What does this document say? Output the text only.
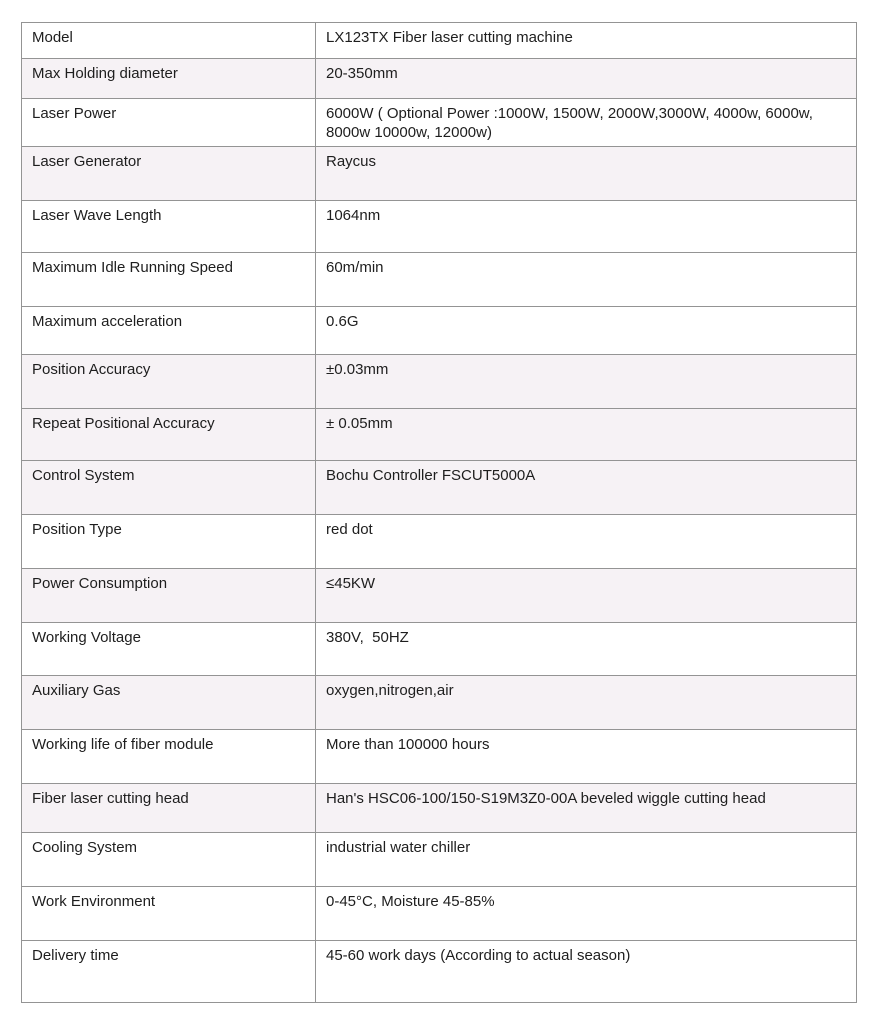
Model	LX123TX Fiber laser cutting machine
Max Holding diameter	20-350mm
Laser Power	6000W ( Optional Power :1000W, 1500W, 2000W,3000W, 4000w, 6000w, 8000w 10000w, 12000w)
Laser Generator	Raycus
Laser Wave Length	1064nm
Maximum Idle Running Speed	60m/min
Maximum acceleration	0.6G
Position Accuracy	±0.03mm
Repeat Positional Accuracy	± 0.05mm
Control System	Bochu Controller FSCUT5000A
Position Type	red dot
Power Consumption	≤45KW
Working Voltage	380V,  50HZ
Auxiliary Gas	oxygen,nitrogen,air
Working life of fiber module	More than 100000 hours
Fiber laser cutting head	Han's HSC06-100/150-S19M3Z0-00A beveled wiggle cutting head
Cooling System	industrial water chiller
Work Environment	0-45°C, Moisture 45-85%
Delivery time	45-60 work days (According to actual season)
